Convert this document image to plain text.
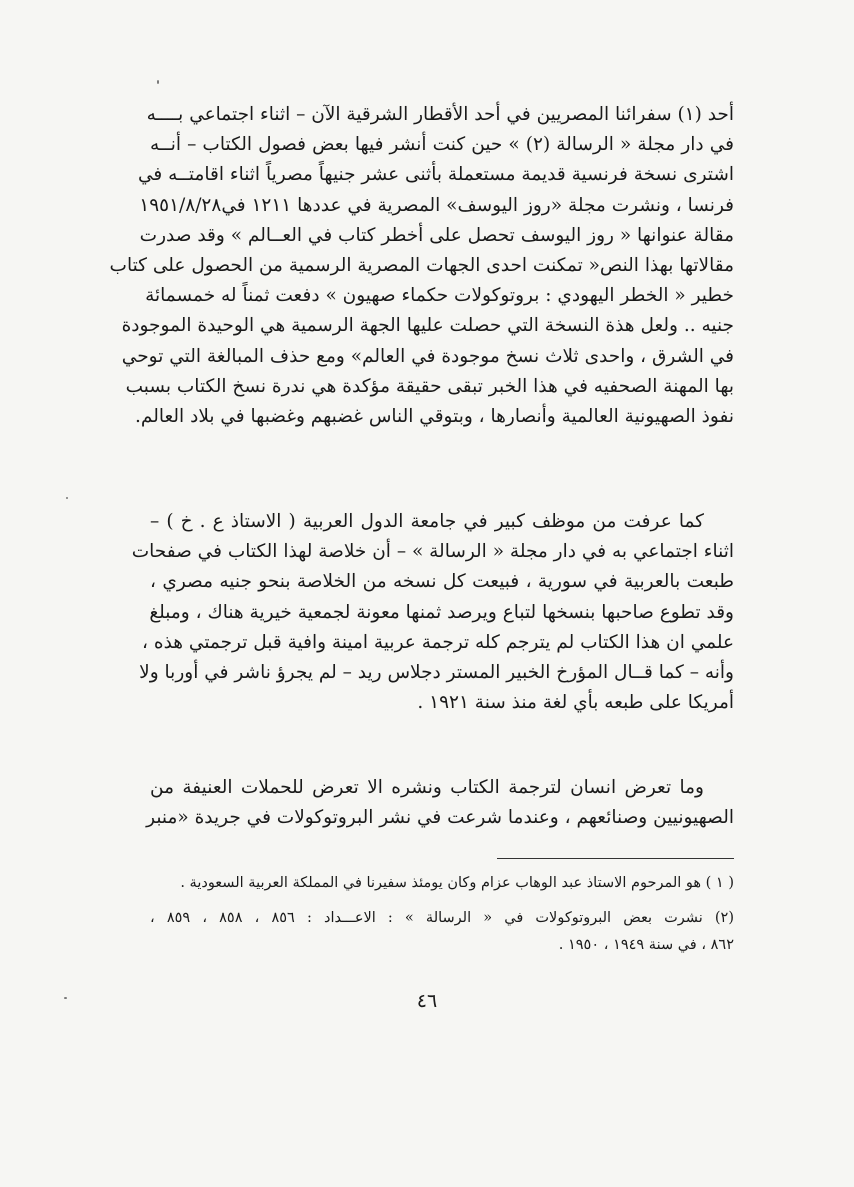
أحد (١) سفرائنا المصريين في أحد الأقطار الشرقية الآن – اثناء اجتماعي بــــه
في دار مجلة « الرسالة (٢) » حين كنت أنشر فيها بعض فصول الكتاب – أنــه
اشترى نسخة فرنسية قديمة مستعملة بأثنى عشر جنيهاً مصرياً اثناء اقامتــه في
فرنسا ، ونشرت مجلة «روز اليوسف» المصرية في عددها ١٢١١ في١٩٥١/٨/٢٨
مقالة عنوانها « روز اليوسف تحصل على أخطر كتاب في العــالم » وقد صدرت
مقالاتها بهذا النص« تمكنت احدى الجهات المصرية الرسمية من الحصول على كتاب
خطير « الخطر اليهودي : بروتوكولات حكماء صهيون » دفعت ثمناً له خمسمائة
جنيه .. ولعل هذة النسخة التي حصلت عليها الجهة الرسمية هي الوحيدة الموجودة
في الشرق ، واحدى ثلاث نسخ موجودة في العالم» ومع حذف المبالغة التي توحي
بها المهنة الصحفيه في هذا الخبر تبقى حقيقة مؤكدة هي ندرة نسخ الكتاب بسبب
نفوذ الصهيونية العالمية وأنصارها ، وبتوقي الناس غضبهم وغضبها في بلاد العالم.
كما عرفت من موظف كبير في جامعة الدول العربية ( الاستاذ ع . خ ) –
اثناء اجتماعي به في دار مجلة « الرسالة » – أن خلاصة لهذا الكتاب في صفحات
طبعت بالعربية في سورية ، فبيعت كل نسخه من الخلاصة بنحو جنيه مصري ،
وقد تطوع صاحبها بنسخها لتباع ويرصد ثمنها معونة لجمعية خيرية هناك ، ومبلغ
علمي ان هذا الكتاب لم يترجم كله ترجمة عربية امينة وافية قبل ترجمتي هذه ،
وأنه – كما قــال المؤرخ الخبير المستر دجلاس ريد – لم يجرؤ ناشر في أوربا ولا
أمريكا على طبعه بأي لغة منذ سنة ١٩٢١ .
وما تعرض انسان لترجمة الكتاب ونشره الا تعرض للحملات العنيفة من
الصهيونيين وصنائعهم ، وعندما شرعت في نشر البروتوكولات في جريدة «منبر
( ١ ) هو المرحوم الاستاذ عبد الوهاب عزام وكان يومئذ سفيرنا في المملكة العربية السعودية .
(٢) نشرت بعض البروتوكولات في « الرسالة » : الاعـــداد : ٨٥٦ ، ٨٥٨ ، ٨٥٩ ،
٨٦٢ ، في سنة ١٩٤٩ ، ١٩٥٠ .
٤٦
